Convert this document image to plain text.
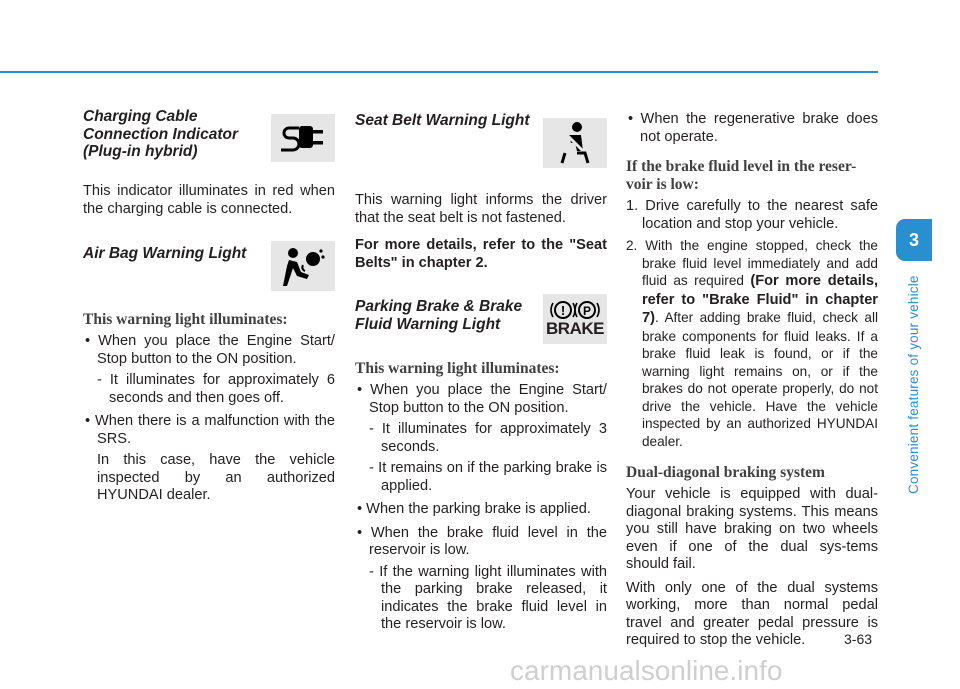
Charging Cable

Connection Indicator

(Plug-in hybrid)

This indicator illuminates in red when the charging cable is connected.

Air Bag Warning Light

This warning light illuminates:

• When you place the Engine Start/ Stop button to the ON position.

- It illuminates for approximately 6 seconds and then goes off.

• When there is a malfunction with the SRS.

In this case, have the vehicle inspected by an authorized HYUNDAI dealer.

Seat Belt Warning Light

This warning light informs the driver that the seat belt is not fastened.

For more details, refer to the "Seat Belts" in chapter 2.

Parking Brake & Brake

Fluid Warning Light

! P
BRAKE

This warning light illuminates:

• When you place the Engine Start/ Stop button to the ON position.

- It illuminates for approximately 3 seconds.

- It remains on if the parking brake is applied.

• When the parking brake is applied.

• When the brake fluid level in the reservoir is low.

- If the warning light illuminates with the parking brake released, it indicates the brake fluid level in the reservoir is low.

• When the regenerative brake does not operate.

If the brake fluid level in the reser-

voir is low:

1. Drive carefully to the nearest safe location and stop your vehicle.

2. With the engine stopped, check the brake fluid level immediately and add fluid as required (For more details, refer to "Brake Fluid" in chapter 7). After adding brake fluid, check all brake components for fluid leaks. If a brake fluid leak is found, or if the warning light remains on, or if the brakes do not operate properly, do not drive the vehicle. Have the vehicle inspected by an authorized HYUNDAI dealer.

Dual-diagonal braking system

Your vehicle is equipped with dual-diagonal braking systems. This means you still have braking on two wheels even if one of the dual sys-tems should fail.

With only one of the dual systems working, more than normal pedal travel and greater pedal pressure is required to stop the vehicle.

3
Convenient features of your vehicle
3-63
carmanualsonline.info
